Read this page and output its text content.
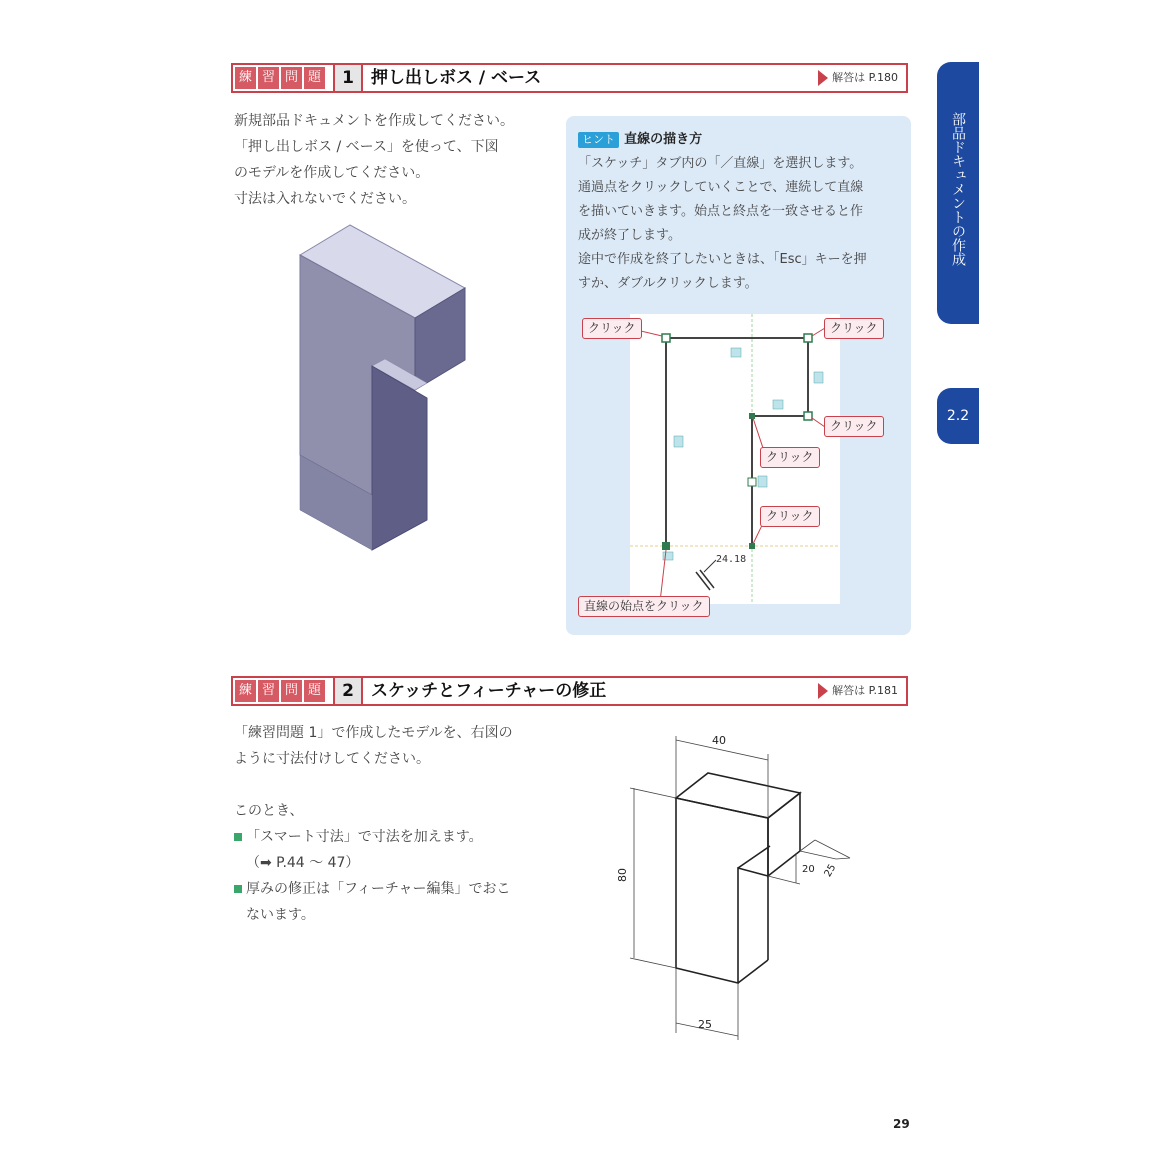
練 習 問 題	1	押し出しボス / ベース	解答は P.180

新規部品ドキュメントを作成してください。

「押し出しボス / ベース」を使って、下図

のモデルを作成してください。

寸法は入れないでください。

ヒント 直線の描き方

「スケッチ」タブ内の「／直線」を選択します。

通過点をクリックしていくことで、連続して直線

を描いていきます。始点と終点を一致させると作

成が終了します。

途中で作成を終了したいときは、「Esc」キーを押

すか、ダブルクリックします。

24.18
クリック	クリック
クリック
クリック
クリック
直線の始点をクリック
部品ドキュメントの作成
2.2
練 習 問 題	2	スケッチとフィーチャーの修正	解答は P.181

「練習問題 1」で作成したモデルを、右図の

ように寸法付けしてください。

このとき、

「スマート寸法」で寸法を加えます。

（➡ P.44 ～ 47）

厚みの修正は「フィーチャー編集」でおこ

ないます。

40
80	20 25
25
29
